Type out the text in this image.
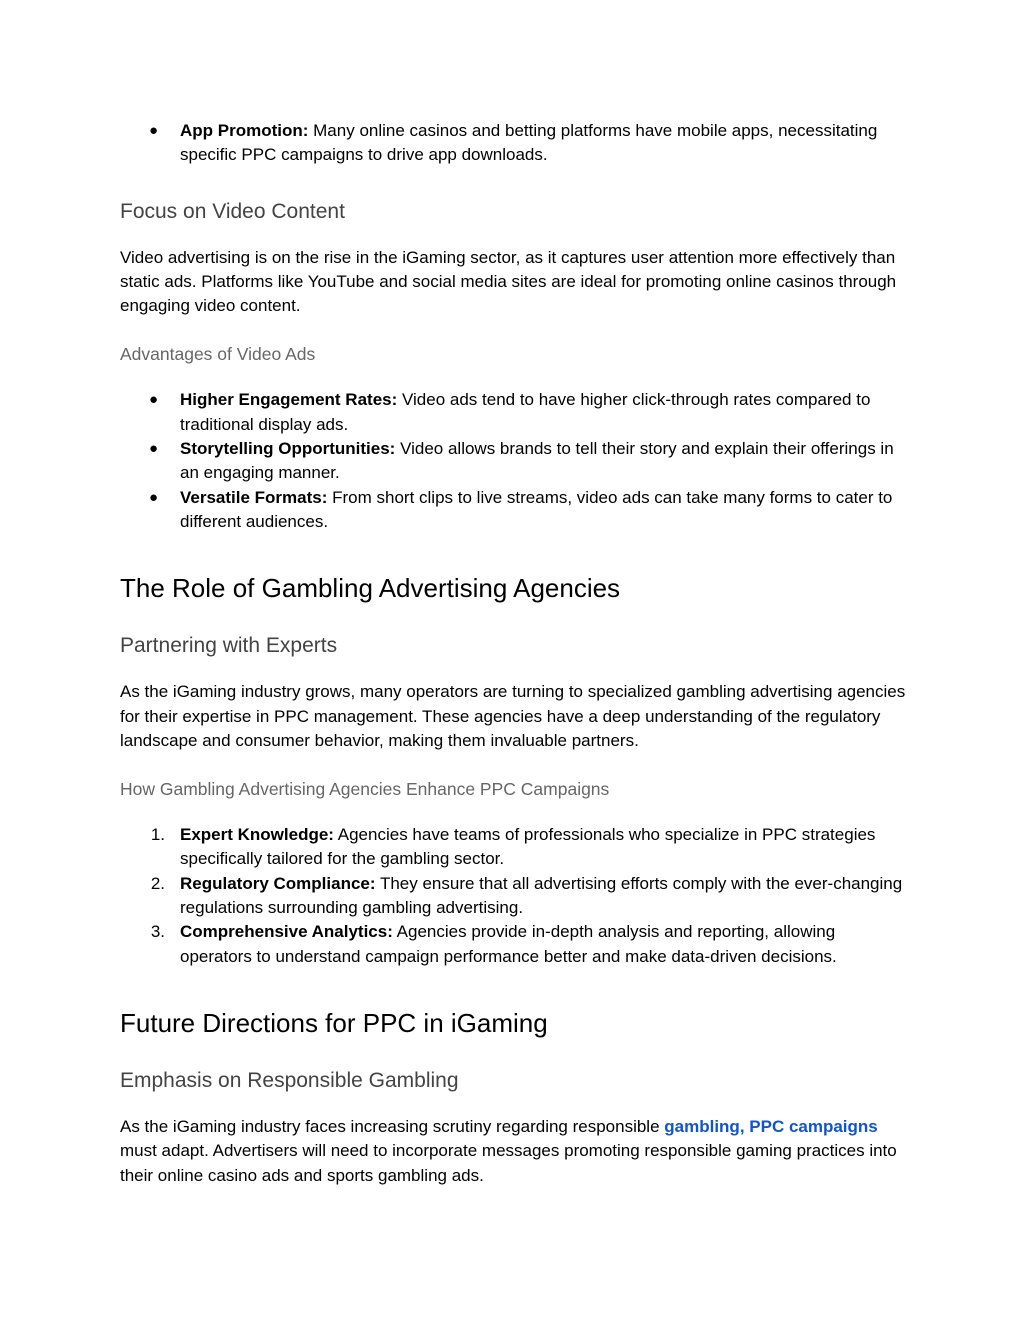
●	App Promotion: Many online casinos and betting platforms have mobile apps, necessitating specific PPC campaigns to drive app downloads.
Focus on Video Content

Video advertising is on the rise in the iGaming sector, as it captures user attention more effectively than static ads. Platforms like YouTube and social media sites are ideal for promoting online casinos through engaging video content.

Advantages of Video Ads
●	Higher Engagement Rates: Video ads tend to have higher click-through rates compared to traditional display ads.
●	Storytelling Opportunities: Video allows brands to tell their story and explain their offerings in an engaging manner.
●	Versatile Formats: From short clips to live streams, video ads can take many forms to cater to different audiences.
The Role of Gambling Advertising Agencies
Partnering with Experts

As the iGaming industry grows, many operators are turning to specialized gambling advertising agencies for their expertise in PPC management. These agencies have a deep understanding of the regulatory landscape and consumer behavior, making them invaluable partners.

How Gambling Advertising Agencies Enhance PPC Campaigns
1. Expert Knowledge: Agencies have teams of professionals who specialize in PPC strategies specifically tailored for the gambling sector.
2. Regulatory Compliance: They ensure that all advertising efforts comply with the ever-changing regulations surrounding gambling advertising.
3. Comprehensive Analytics: Agencies provide in-depth analysis and reporting, allowing operators to understand campaign performance better and make data-driven decisions.
Future Directions for PPC in iGaming
Emphasis on Responsible Gambling

As the iGaming industry faces increasing scrutiny regarding responsible gambling, PPC campaigns must adapt. Advertisers will need to incorporate messages promoting responsible gaming practices into their online casino ads and sports gambling ads.
